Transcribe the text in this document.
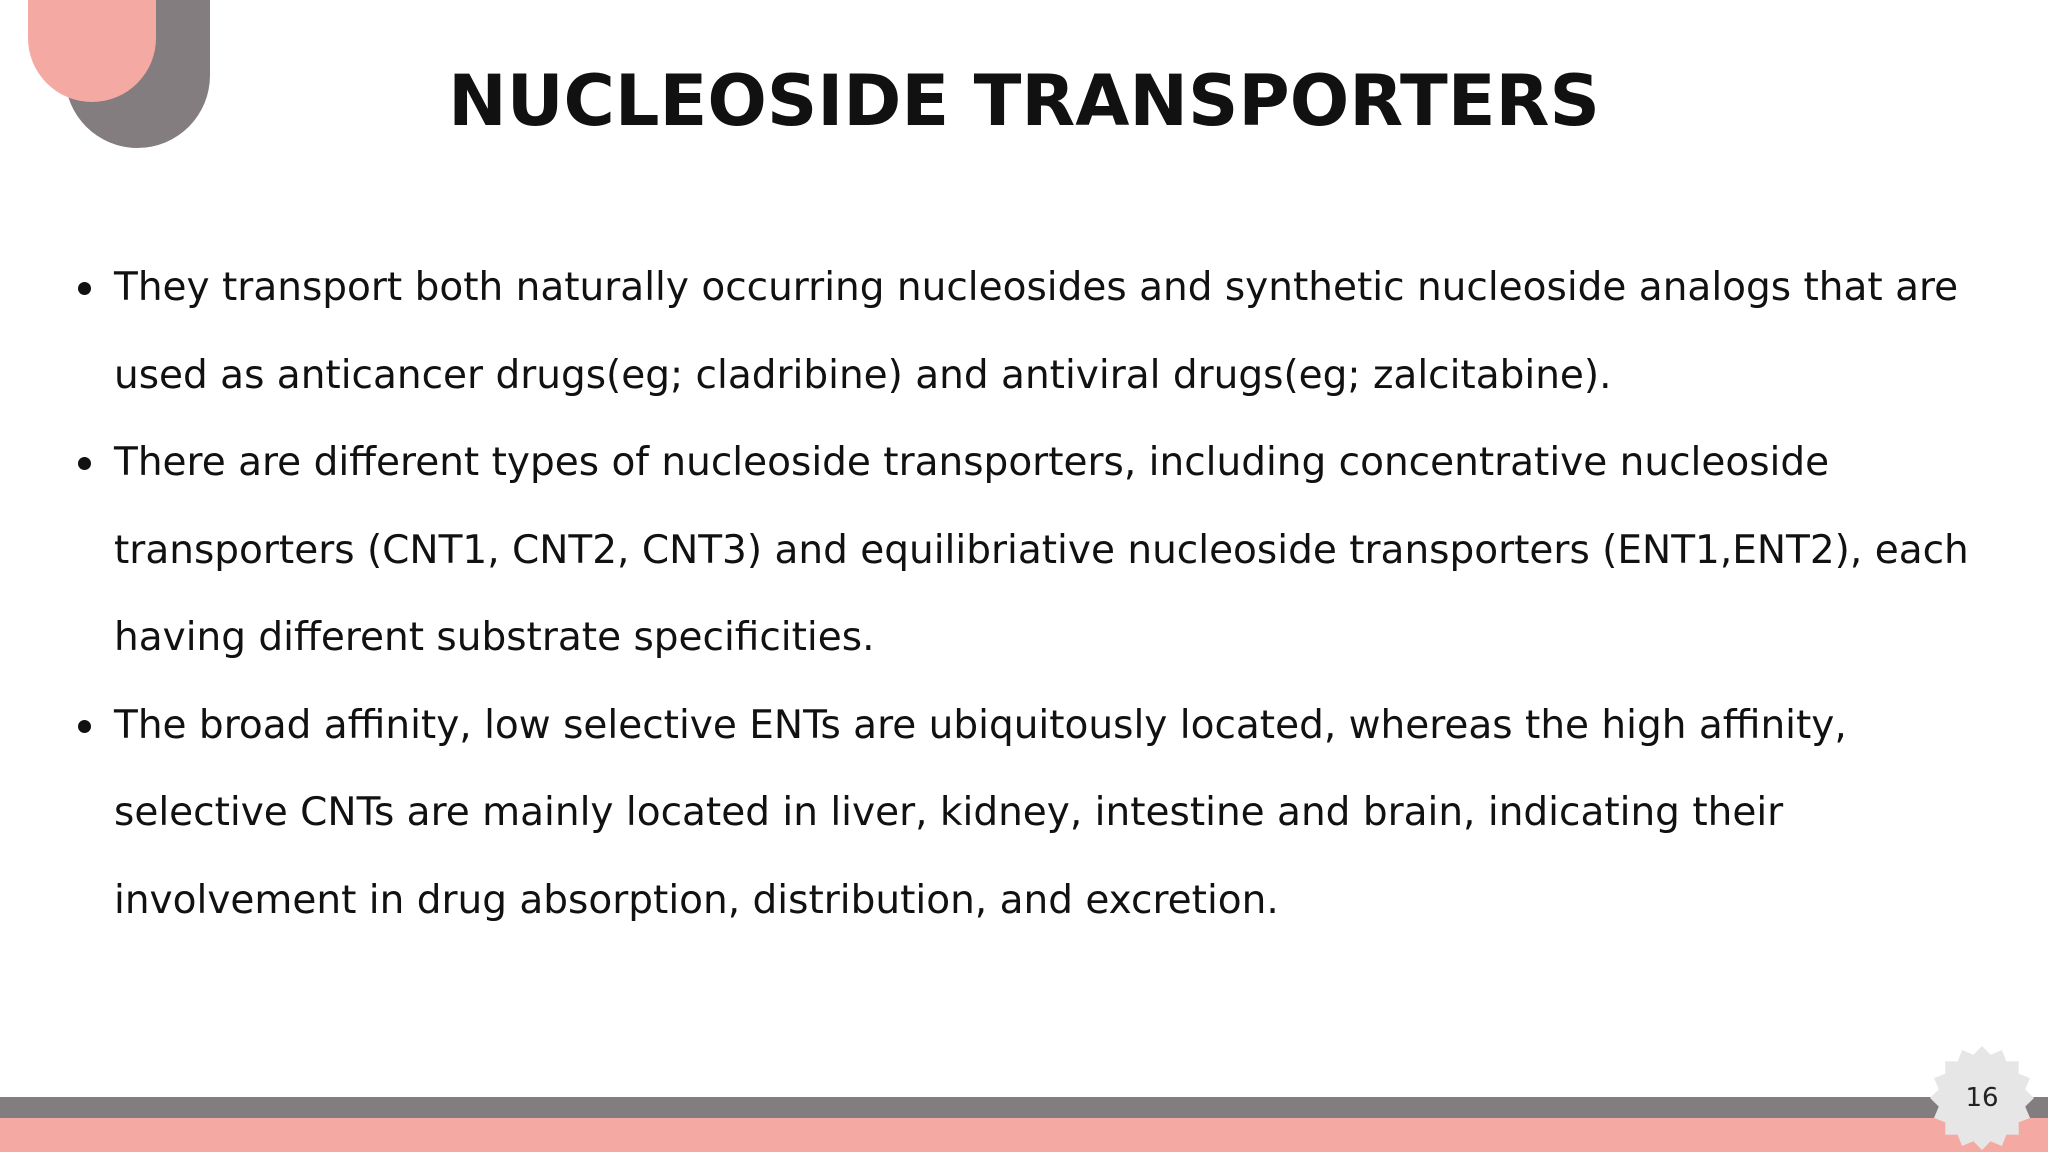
NUCLEOSIDE TRANSPORTERS
They transport both naturally occurring nucleosides and synthetic nucleoside analogs that are used as anticancer drugs(eg; cladribine) and antiviral drugs(eg; zalcitabine).
There are different types of nucleoside transporters, including concentrative nucleoside transporters (CNT1, CNT2, CNT3) and equilibriative nucleoside transporters (ENT1,ENT2), each having different substrate specificities.
The broad affinity, low selective ENTs are ubiquitously located, whereas the high affinity, selective CNTs are mainly located in liver, kidney, intestine and brain, indicating their involvement in drug absorption, distribution, and excretion.
16
